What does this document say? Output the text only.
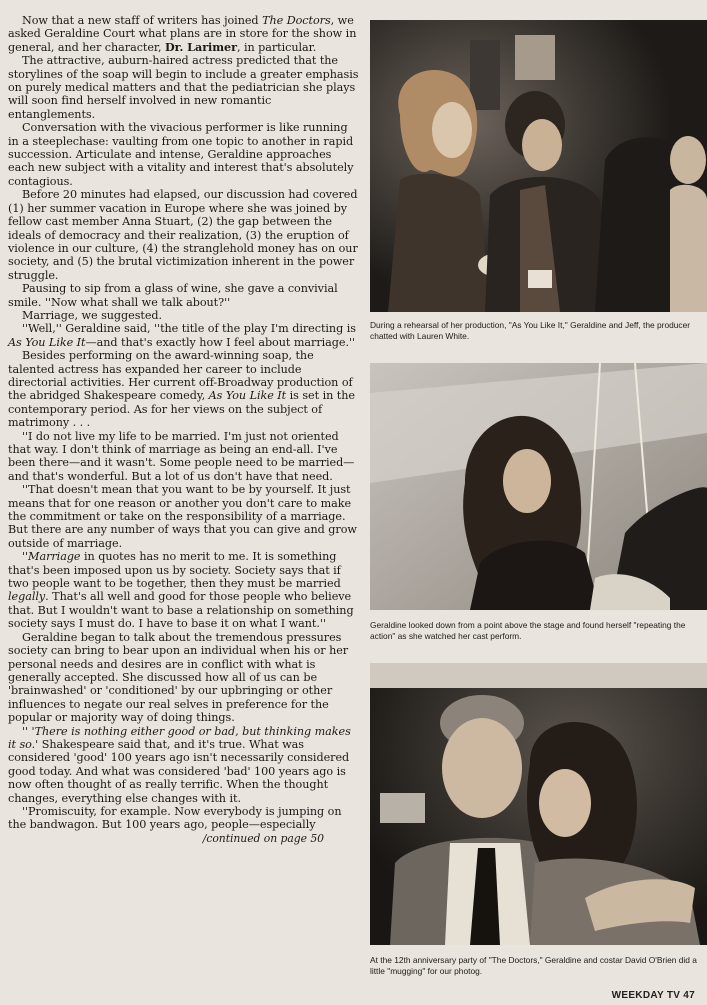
Now that a new staff of writers has joined The Doctors, we asked Geraldine Court what plans are in store for the show in general, and her character, Dr. Larimer, in particular.
The attractive, auburn-haired actress predicted that the storylines of the soap will begin to include a greater emphasis on purely medical matters and that the pediatrician she plays will soon find herself involved in new romantic entanglements.
Conversation with the vivacious performer is like running in a steeplechase: vaulting from one topic to another in rapid succession. Articulate and intense, Geraldine approaches each new subject with a vitality and interest that's absolutely contagious.
Before 20 minutes had elapsed, our discussion had covered (1) her summer vacation in Europe where she was joined by fellow cast member Anna Stuart, (2) the gap between the ideals of democracy and their realization, (3) the eruption of violence in our culture, (4) the stranglehold money has on our society, and (5) the brutal victimization inherent in the power struggle.
Pausing to sip from a glass of wine, she gave a convivial smile. ''Now what shall we talk about?''
Marriage, we suggested.
''Well,'' Geraldine said, ''the title of the play I'm directing is As You Like It—and that's exactly how I feel about marriage.''
Besides performing on the award-winning soap, the talented actress has expanded her career to include directorial activities. Her current off-Broadway production of the abridged Shakespeare comedy, As You Like It is set in the contemporary period. As for her views on the subject of matrimony . . .
''I do not live my life to be married. I'm just not oriented that way. I don't think of marriage as being an end-all. I've been there—and it wasn't. Some people need to be married—and that's wonderful. But a lot of us don't have that need.
''That doesn't mean that you want to be by yourself. It just means that for one reason or another you don't care to make the commitment or take on the responsibility of a marriage. But there are any number of ways that you can give and grow outside of marriage.
''Marriage in quotes has no merit to me. It is something that's been imposed upon us by society. Society says that if two people want to be together, then they must be married legally. That's all well and good for those people who believe that. But I wouldn't want to base a relationship on something society says I must do. I have to base it on what I want.''
Geraldine began to talk about the tremendous pressures society can bring to bear upon an individual when his or her personal needs and desires are in conflict with what is generally accepted. She discussed how all of us can be 'brainwashed' or 'conditioned' by our upbringing or other influences to negate our real selves in preference for the popular or majority way of doing things.
'' 'There is nothing either good or bad, but thinking makes it so.' Shakespeare said that, and it's true. What was considered 'good' 100 years ago isn't necessarily considered good today. And what was considered 'bad' 100 years ago is now often thought of as really terrific. When the thought changes, everything else changes with it.
''Promiscuity, for example. Now everybody is jumping on the bandwagon. But 100 years ago, people—especially
/continued on page 50
During a rehearsal of her production, "As You Like It," Geraldine and Jeff, the producer chatted with Lauren White.
Geraldine looked down from a point above the stage and found herself "repeating the action" as she watched her cast perform.
At the 12th anniversary party of "The Doctors," Geraldine and costar David O'Brien did a little "mugging" for our photog.
WEEKDAY TV 47
